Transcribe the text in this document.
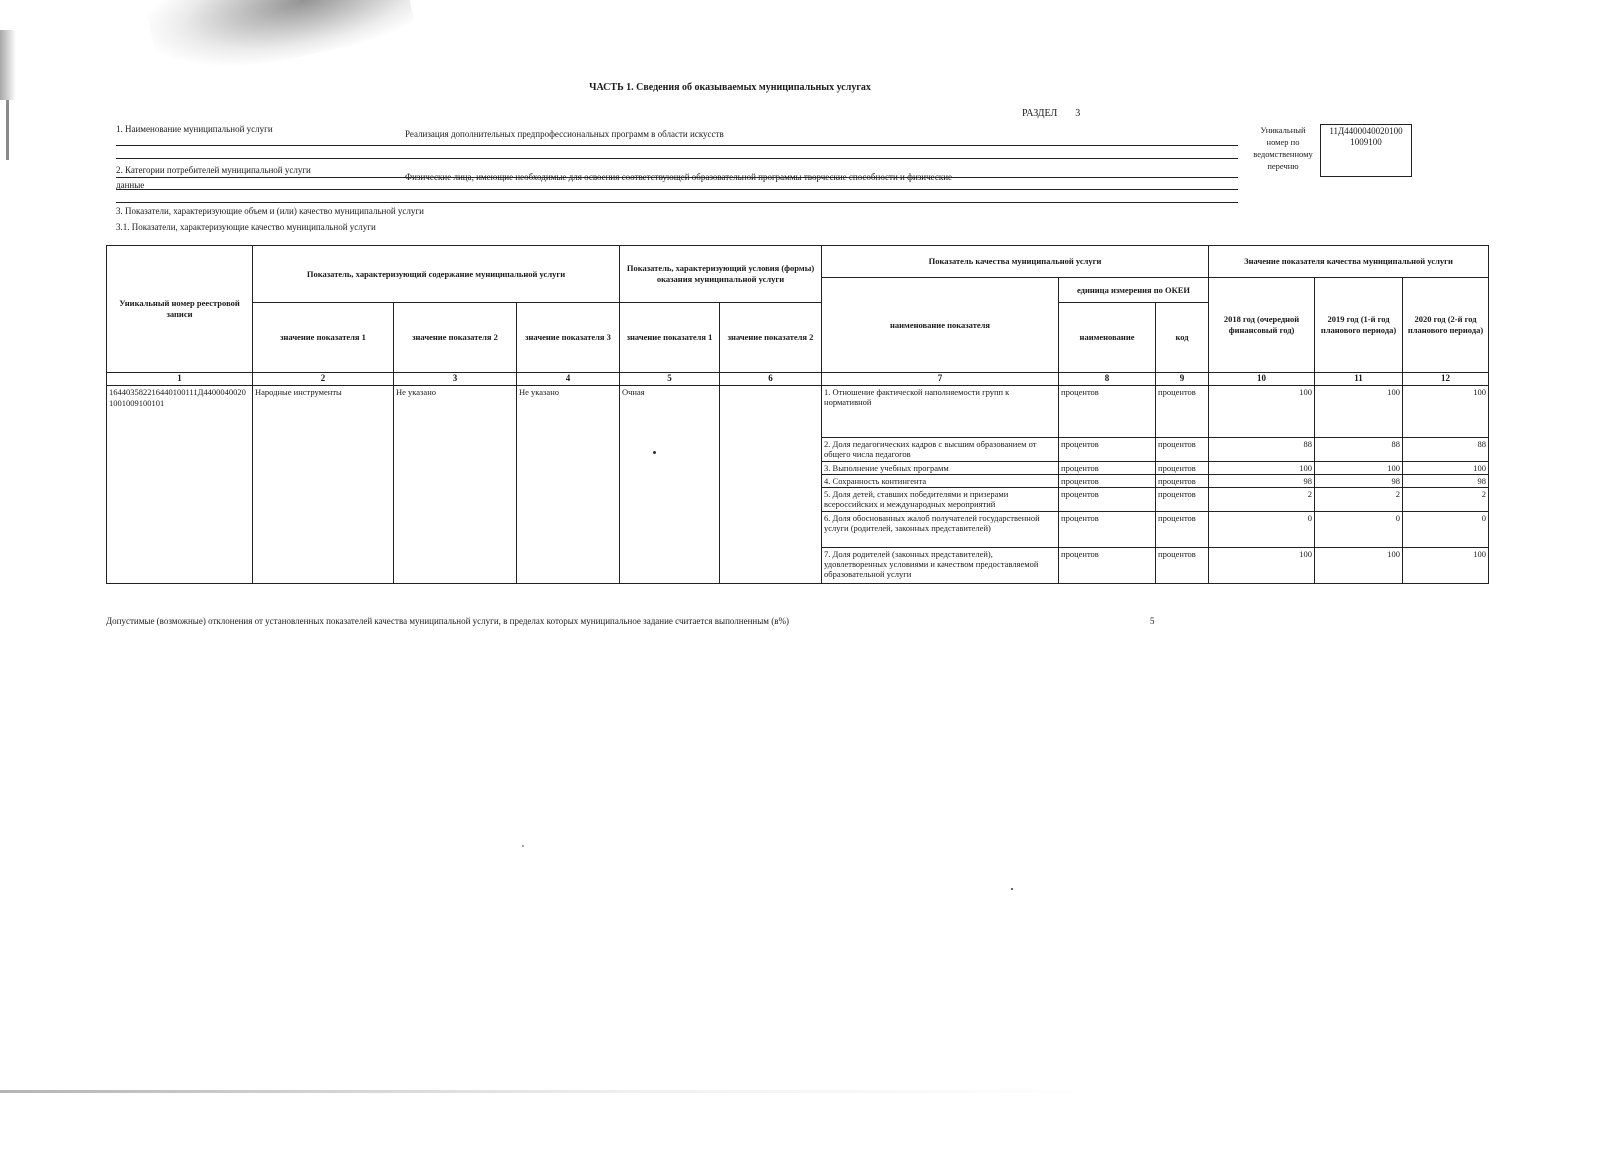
ЧАСТЬ 1. Сведения об оказываемых муниципальных услугах
РАЗДЕЛ 3
1. Наименование муниципальной услуги	Реализация дополнительных предпрофессиональных программ в области искусств	Уникальный номер по ведомственному перечню
11Д4400040020100
1009100
2. Категории потребителей муниципальной услуги
Физические лица, имеющие необходимые для освоения соответствующей образовательной программы творческие способности и физические
данные
3. Показатели, характеризующие объем и (или) качество муниципальной услуги
3.1. Показатели, характеризующие качество муниципальной услуги
Уникальный номер реестровой записи	Показатель, характеризующий содержание муниципальной услуги			Показатель, характеризующий условия (формы) оказания муниципальной услуги		Показатель качества муниципальной услуги			Значение показателя качества муниципальной услуги		
						наименование показателя	единица измерения по ОКЕИ		2018 год (очередной финансовый год)	2019 год (1-й год планового периода)	2020 год (2-й год планового периода)
	значение показателя 1	значение показателя 2	значение показателя 3	значение показателя 1	значение показателя 2		наименование	код			

1	2	3	4	5	6	7	8	9	10	11	12
164403582216440100111Д44000400201001009100101	Народные инструменты	Не указано	Не указано	Очная		1. Отношение фактической наполняемости групп к нормативной	процентов	процентов	100	100	100
						2. Доля педагогических кадров с высшим образованием от общего числа педагогов	процентов	процентов	88	88	88
						3. Выполнение учебных программ	процентов	процентов	100	100	100
						4. Сохранность контингента	процентов	процентов	98	98	98
						5. Доля детей, ставших победителями и призерами всероссийских и международных мероприятий	процентов	процентов	2	2	2
						6. Доля обоснованных жалоб получателей государственной услуги (родителей, законных представителей)	процентов	процентов	0	0	0
						7. Доля родителей (законных представителей), удовлетворенных условиями и качеством предоставляемой образовательной услуги	процентов	процентов	100	100	100
Допустимые (возможные) отклонения от установленных показателей качества муниципальной услуги, в пределах которых муниципальное задание считается выполненным (в%)	5
